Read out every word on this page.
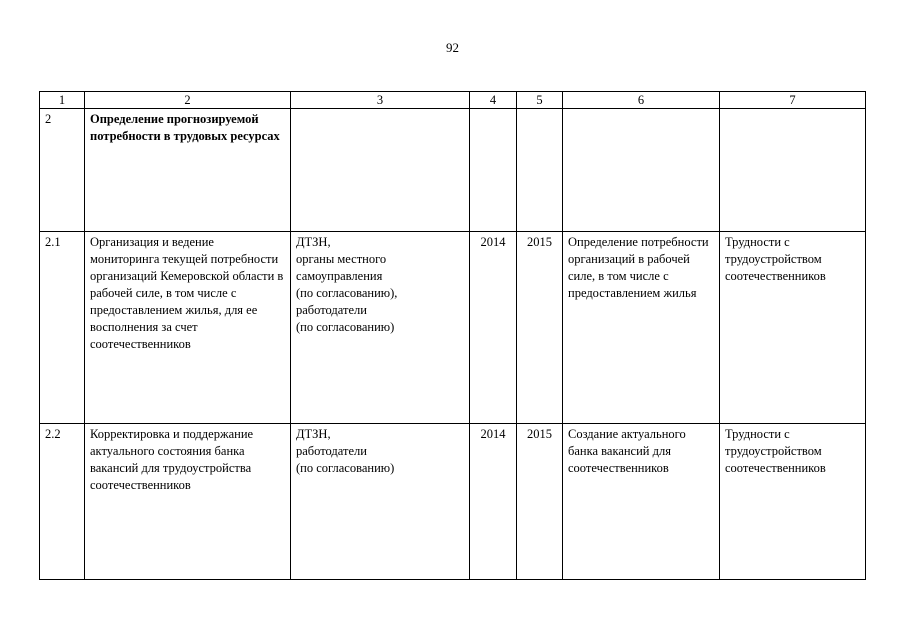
92
1	2	3	4	5	6	7
2	Определение прогнозируемой потребности в трудовых ресурсах					
2.1	Организация и ведение мониторинга текущей потребности организаций Кемеровской области в рабочей силе, в том числе с предоставлением жилья, для ее восполнения за счет соотечественников	ДТЗН,
органы местного самоуправления
(по согласованию),
работодатели
(по согласованию)	2014	2015	Определение потребности организаций в рабочей силе, в том числе с предоставлением жилья	Трудности с трудоустройством соотечественников
2.2	Корректировка и поддержание актуального состояния банка вакансий для трудоустройства соотечественников	ДТЗН,
работодатели
(по согласованию)	2014	2015	Создание актуального банка вакансий для соотечественников	Трудности с трудоустройством соотечественников
